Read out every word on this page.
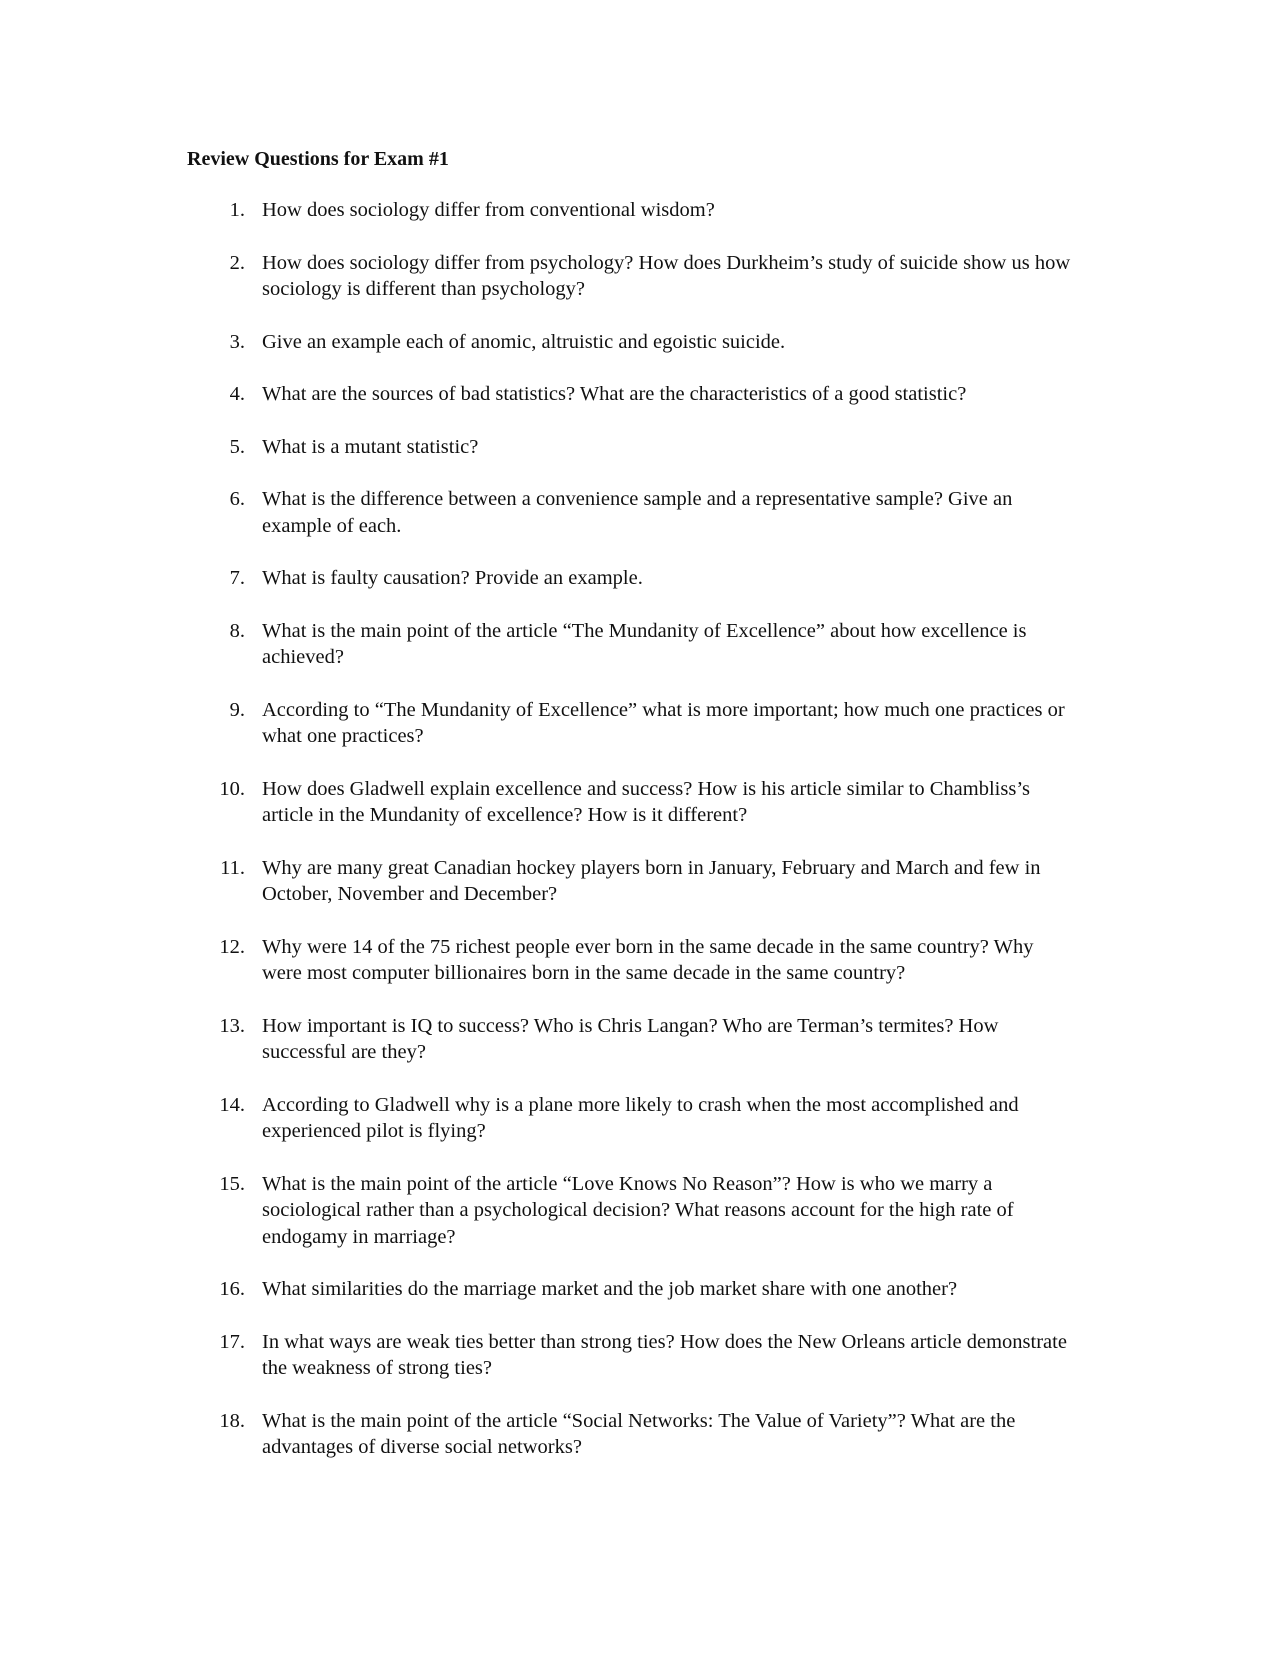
Review Questions for Exam #1
1. How does sociology differ from conventional wisdom?
2. How does sociology differ from psychology? How does Durkheim’s study of suicide show us how sociology is different than psychology?
3. Give an example each of anomic, altruistic and egoistic suicide.
4. What are the sources of bad statistics? What are the characteristics of a good statistic?
5. What is a mutant statistic?
6. What is the difference between a convenience sample and a representative sample? Give an example of each.
7. What is faulty causation? Provide an example.
8. What is the main point of the article “The Mundanity of Excellence” about how excellence is achieved?
9. According to “The Mundanity of Excellence” what is more important; how much one practices or what one practices?
10. How does Gladwell explain excellence and success? How is his article similar to Chambliss’s article in the Mundanity of excellence? How is it different?
11. Why are many great Canadian hockey players born in January, February and March and few in October, November and December?
12. Why were 14 of the 75 richest people ever born in the same decade in the same country? Why were most computer billionaires born in the same decade in the same country?
13. How important is IQ to success? Who is Chris Langan? Who are Terman’s termites? How successful are they?
14. According to Gladwell why is a plane more likely to crash when the most accomplished and experienced pilot is flying?
15. What is the main point of the article “Love Knows No Reason”? How is who we marry a sociological rather than a psychological decision? What reasons account for the high rate of endogamy in marriage?
16. What similarities do the marriage market and the job market share with one another?
17. In what ways are weak ties better than strong ties? How does the New Orleans article demonstrate the weakness of strong ties?
18. What is the main point of the article “Social Networks: The Value of Variety”? What are the advantages of diverse social networks?
